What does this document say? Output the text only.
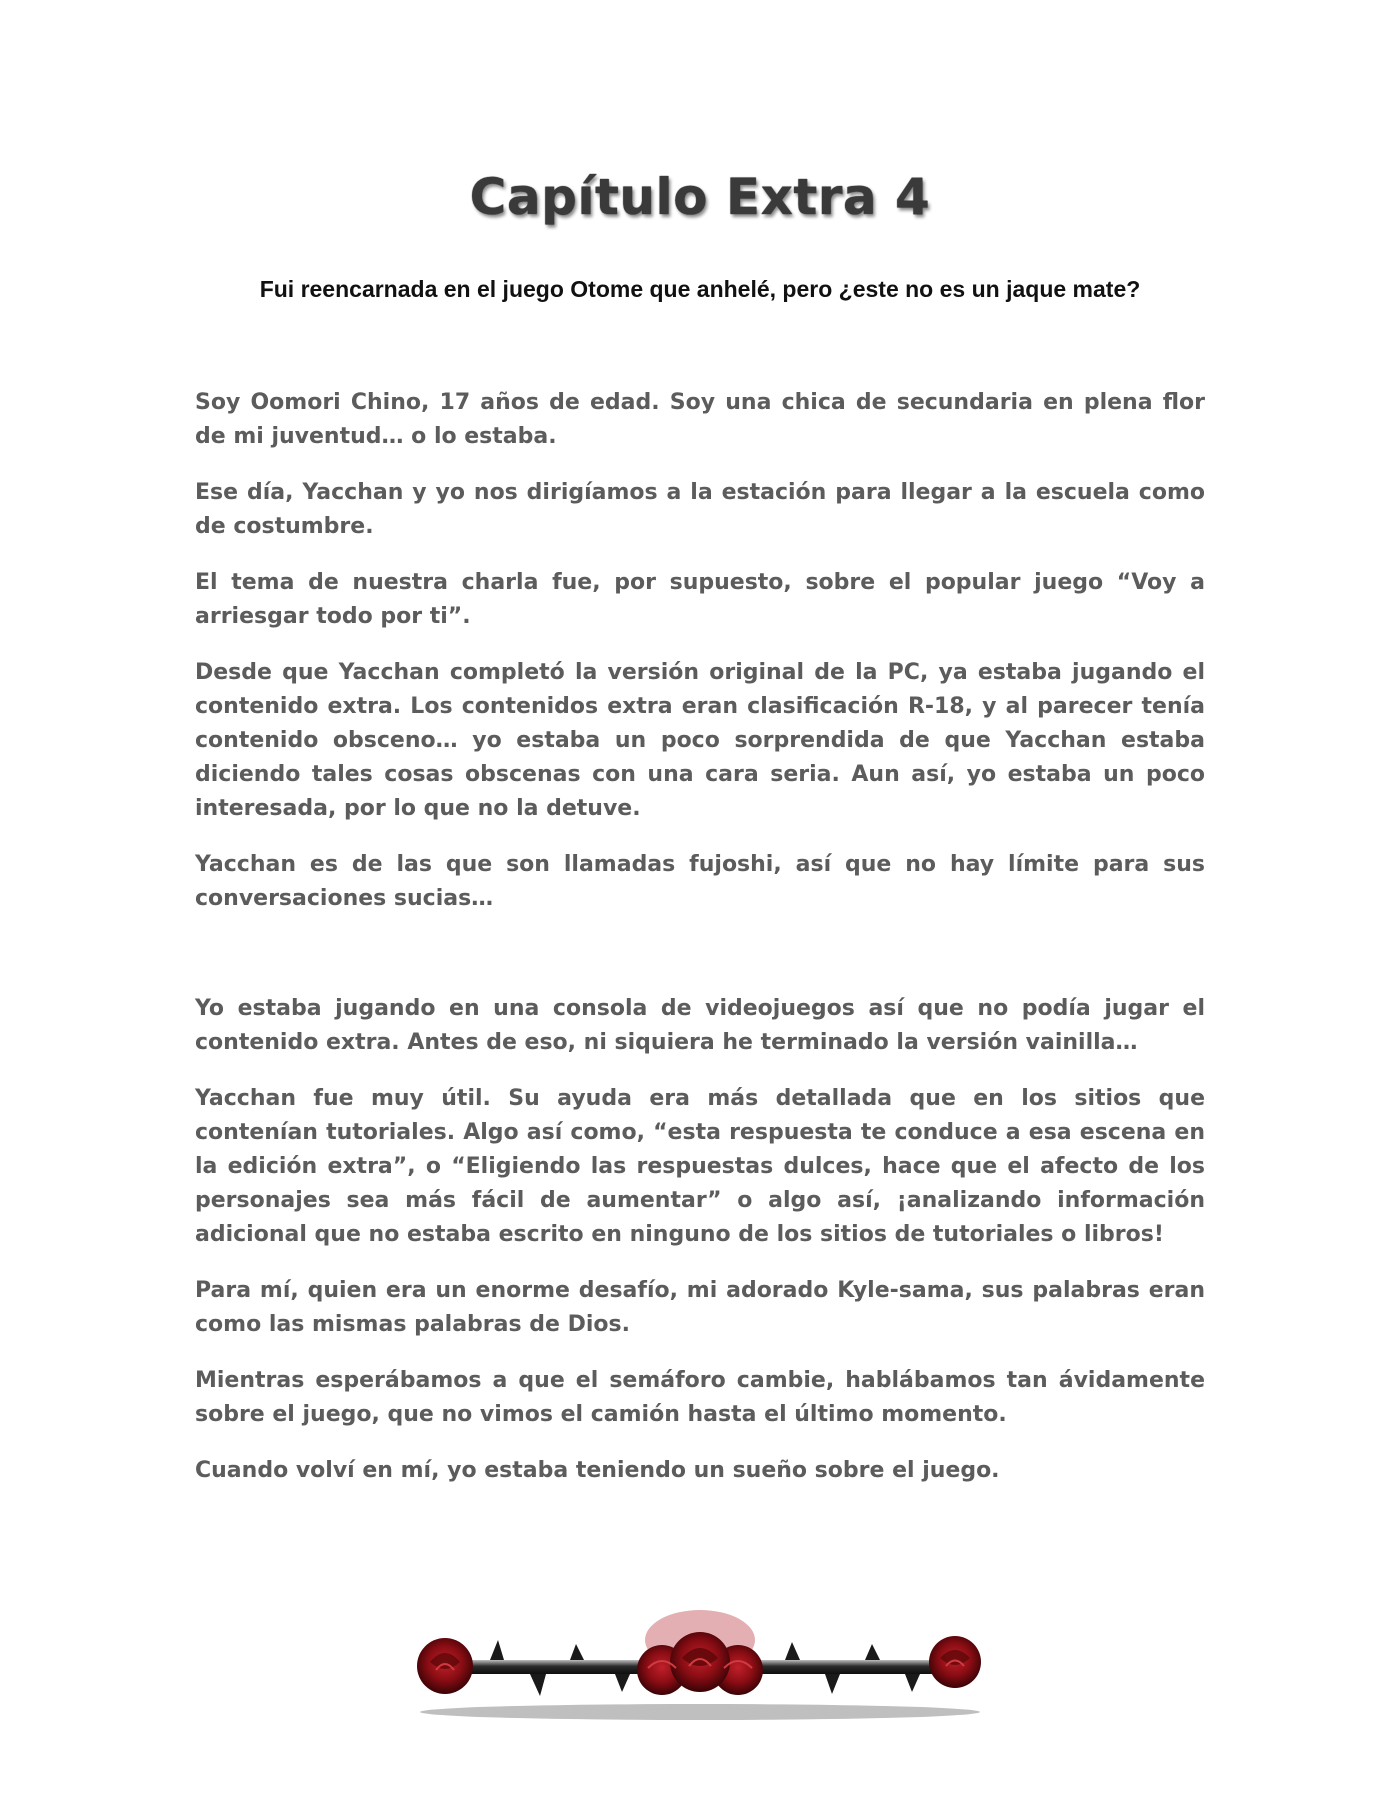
Capítulo Extra 4
Fui reencarnada en el juego Otome que anhelé, pero ¿este no es un jaque mate?

Soy Oomori Chino, 17 años de edad. Soy una chica de secundaria en plena flor de mi juventud… o lo estaba.

Ese día, Yacchan y yo nos dirigíamos a la estación para llegar a la escuela como de costumbre.

El tema de nuestra charla fue, por supuesto, sobre el popular juego “Voy a arriesgar todo por ti”.

Desde que Yacchan completó la versión original de la PC, ya estaba jugando el contenido extra. Los contenidos extra eran clasificación R-18, y al parecer tenía contenido obsceno… yo estaba un poco sorprendida de que Yacchan estaba diciendo tales cosas obscenas con una cara seria. Aun así, yo estaba un poco interesada, por lo que no la detuve.

Yacchan es de las que son llamadas fujoshi, así que no hay límite para sus conversaciones sucias…

Yo estaba jugando en una consola de videojuegos así que no podía jugar el contenido extra. Antes de eso, ni siquiera he terminado la versión vainilla…

Yacchan fue muy útil. Su ayuda era más detallada que en los sitios que contenían tutoriales. Algo así como, “esta respuesta te conduce a esa escena en la edición extra”, o “Eligiendo las respuestas dulces, hace que el afecto de los personajes sea más fácil de aumentar” o algo así, ¡analizando información adicional que no estaba escrito en ninguno de los sitios de tutoriales o libros!

Para mí, quien era un enorme desafío, mi adorado Kyle-sama, sus palabras eran como las mismas palabras de Dios.

Mientras esperábamos a que el semáforo cambie, hablábamos tan ávidamente sobre el juego, que no vimos el camión hasta el último momento.

Cuando volví en mí, yo estaba teniendo un sueño sobre el juego.
